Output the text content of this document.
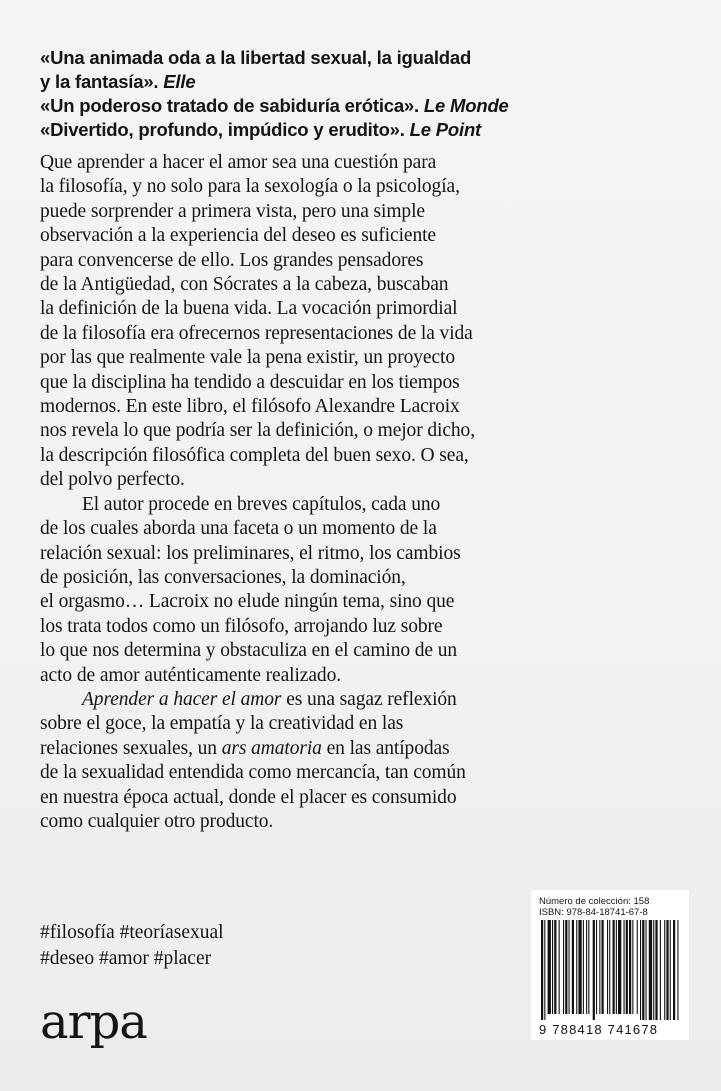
«Una animada oda a la libertad sexual, la igualdad
y la fantasía». Elle

«Un poderoso tratado de sabiduría erótica». Le Monde

«Divertido, profundo, impúdico y erudito». Le Point

Que aprender a hacer el amor sea una cuestión para
la filosofía, y no solo para la sexología o la psicología,
puede sorprender a primera vista, pero una simple
observación a la experiencia del deseo es suficiente
para convencerse de ello. Los grandes pensadores
de la Antigüedad, con Sócrates a la cabeza, buscaban
la definición de la buena vida. La vocación primordial
de la filosofía era ofrecernos representaciones de la vida
por las que realmente vale la pena existir, un proyecto
que la disciplina ha tendido a descuidar en los tiempos
modernos. En este libro, el filósofo Alexandre Lacroix
nos revela lo que podría ser la definición, o mejor dicho,
la descripción filosófica completa del buen sexo. O sea,
del polvo perfecto.
El autor procede en breves capítulos, cada uno
de los cuales aborda una faceta o un momento de la
relación sexual: los preliminares, el ritmo, los cambios
de posición, las conversaciones, la dominación,
el orgasmo… Lacroix no elude ningún tema, sino que
los trata todos como un filósofo, arrojando luz sobre
lo que nos determina y obstaculiza en el camino de un
acto de amor auténticamente realizado.
Aprender a hacer el amor es una sagaz reflexión
sobre el goce, la empatía y la creatividad en las
relaciones sexuales, un ars amatoria en las antípodas
de la sexualidad entendida como mercancía, tan común
en nuestra época actual, donde el placer es consumido
como cualquier otro producto.
#filosofía #teoríasexual
#deseo #amor #placer
arpa
Número de colección: 158
ISBN: 978-84-18741-67-8
9 788418 741678
